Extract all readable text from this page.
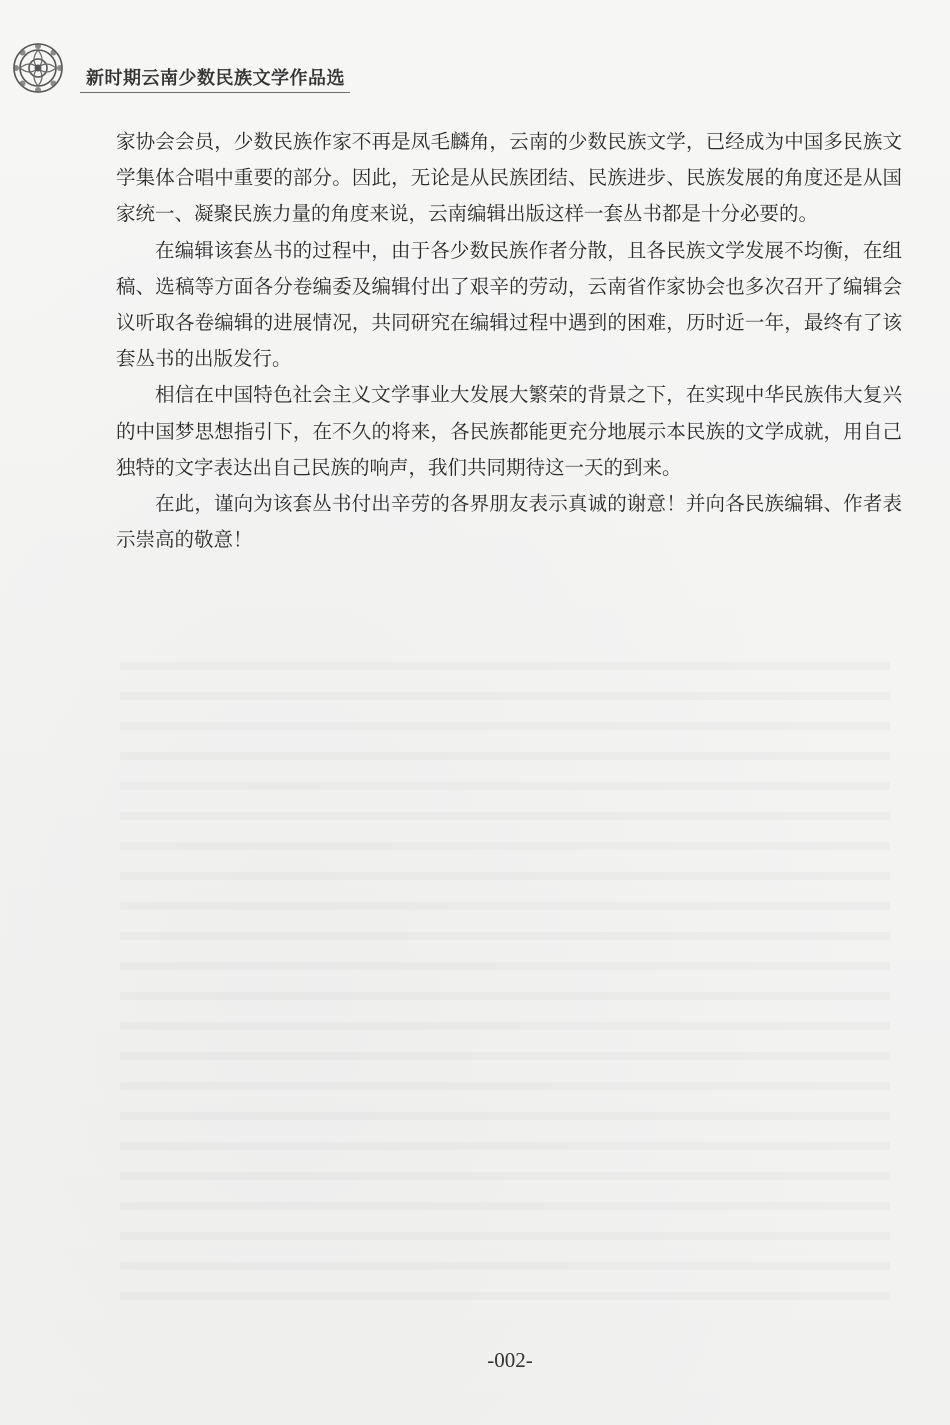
新时期云南少数民族文学作品选

家协会会员，少数民族作家不再是凤毛麟角，云南的少数民族文学，已经成为中国多民族文学集体合唱中重要的部分。因此，无论是从民族团结、民族进步、民族发展的角度还是从国家统一、凝聚民族力量的角度来说，云南编辑出版这样一套丛书都是十分必要的。

在编辑该套丛书的过程中，由于各少数民族作者分散，且各民族文学发展不均衡，在组稿、选稿等方面各分卷编委及编辑付出了艰辛的劳动，云南省作家协会也多次召开了编辑会议听取各卷编辑的进展情况，共同研究在编辑过程中遇到的困难，历时近一年，最终有了该套丛书的出版发行。

相信在中国特色社会主义文学事业大发展大繁荣的背景之下，在实现中华民族伟大复兴的中国梦思想指引下，在不久的将来，各民族都能更充分地展示本民族的文学成就，用自己独特的文字表达出自己民族的响声，我们共同期待这一天的到来。

在此，谨向为该套丛书付出辛劳的各界朋友表示真诚的谢意！并向各民族编辑、作者表示崇高的敬意！

-002-
